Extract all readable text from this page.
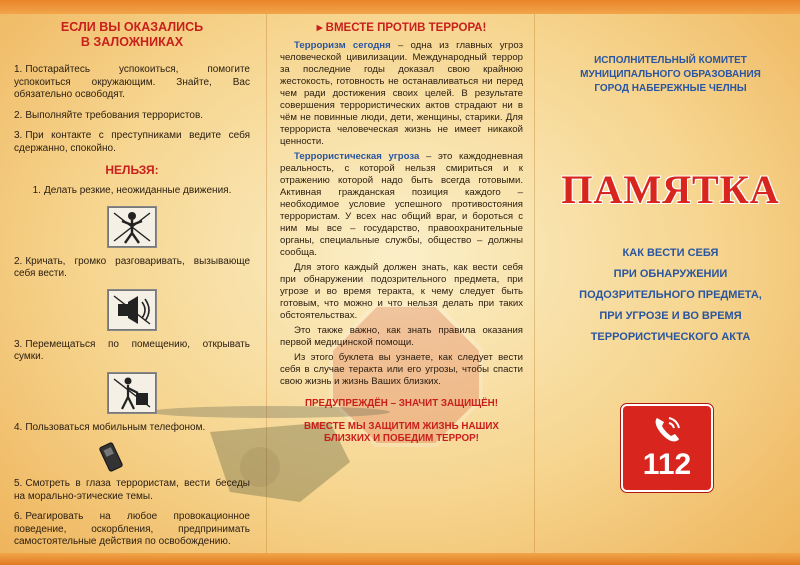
ЕСЛИ ВЫ ОКАЗАЛИСЬ
В ЗАЛОЖНИКАХ
1. Постарайтесь успокоиться, помогите успокоиться окружающим. Знайте, Вас обязательно освободят.
2. Выполняйте требования террористов.
3. При контакте с преступниками ведите себя сдержанно, спокойно.
НЕЛЬЗЯ:
1. Делать резкие, неожиданные движения.
2. Кричать, громко разговаривать, вызывающе себя вести.
3. Перемещаться по помещению, открывать сумки.
4. Пользоваться мобильным телефоном.
5. Смотреть в глаза террористам, вести беседы на морально-этические темы.
6. Реагировать на любое провокационное поведение, оскорбления, предпринимать самостоятельные действия по освобождению.
▸ ВМЕСТЕ ПРОТИВ ТЕРРОРА!

Терроризм сегодня – одна из главных угроз человеческой цивилизации. Международный террор за последние годы доказал свою крайнюю жестокость, готовность не останавливаться ни перед чем ради достижения своих целей. В результате совершения террористических актов страдают ни в чём не повинные люди, дети, женщины, старики. Для террориста человеческая жизнь не имеет никакой ценности.

Террористическая угроза – это каждодневная реальность, с которой нельзя смириться и к отражению которой надо быть всегда готовыми. Активная гражданская позиция каждого – необходимое условие успешного противостояния террористам. У всех нас общий враг, и бороться с ним мы все – государство, правоохранительные органы, специальные службы, общество – должны сообща.

Для этого каждый должен знать, как вести себя при обнаружении подозрительного предмета, при угрозе и во время теракта, к чему следует быть готовым, что можно и что нельзя делать при таких обстоятельствах.

Это также важно, как знать правила оказания первой медицинской помощи.

Из этого буклета вы узнаете, как следует вести себя в случае теракта или его угрозы, чтобы спасти свою жизнь и жизнь Ваших близких.

ПРЕДУПРЕЖДЁН – ЗНАЧИТ ЗАЩИЩЁН!
ВМЕСТЕ МЫ ЗАЩИТИМ ЖИЗНЬ НАШИХ БЛИЗКИХ И ПОБЕДИМ ТЕРРОР!
ИСПОЛНИТЕЛЬНЫЙ КОМИТЕТ
МУНИЦИПАЛЬНОГО ОБРАЗОВАНИЯ
ГОРОД НАБЕРЕЖНЫЕ ЧЕЛНЫ
ПАМЯТКА
КАК ВЕСТИ СЕБЯ
ПРИ ОБНАРУЖЕНИИ
ПОДОЗРИТЕЛЬНОГО ПРЕДМЕТА,
ПРИ УГРОЗЕ И ВО ВРЕМЯ
ТЕРРОРИСТИЧЕСКОГО АКТА
112
